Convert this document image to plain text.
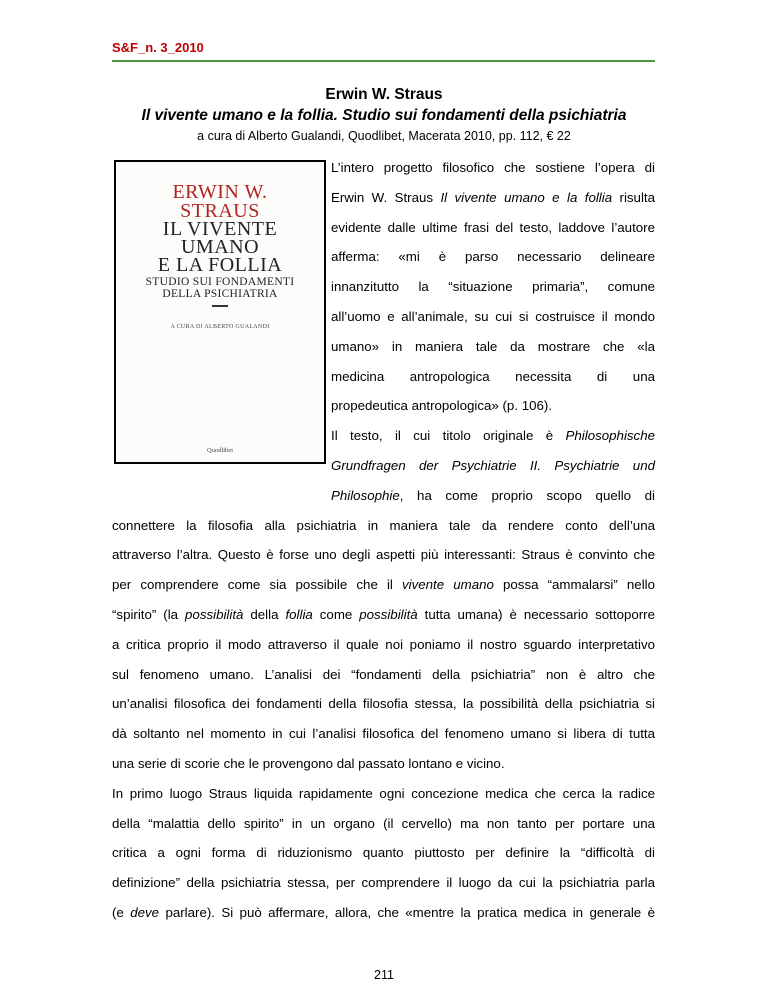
S&F_n. 3_2010
Erwin W. Straus
Il vivente umano e la follia. Studio sui fondamenti della psichiatria
a cura di Alberto Gualandi, Quodlibet, Macerata 2010, pp. 112, € 22
ERWIN W.
STRAUS
IL VIVENTE
UMANO
E LA FOLLIA
STUDIO SUI FONDAMENTI
DELLA PSICHIATRIA
A CURA DI ALBERTO GUALANDI
Quodlibet
L’intero progetto filosofico che sostiene l’opera di
Erwin W. Straus Il vivente umano e la follia risulta
evidente dalle ultime frasi del testo, laddove l’autore
afferma: «mi è parso necessario delineare
innanzitutto la “situazione primaria”, comune
all’uomo e all’animale, su cui si costruisce il mondo
umano» in maniera tale da mostrare che «la
medicina antropologica necessita di una
propedeutica antropologica» (p. 106).
Il testo, il cui titolo originale è Philosophische
Grundfragen der Psychiatrie II. Psychiatrie und
Philosophie, ha come proprio scopo quello di
connettere la filosofia alla psichiatria in maniera tale da rendere conto dell’una
attraverso l’altra. Questo è forse uno degli aspetti più interessanti: Straus è convinto che
per comprendere come sia possibile che il vivente umano possa “ammalarsi” nello
“spirito” (la possibilità della follia come possibilità tutta umana) è necessario sottoporre
a critica proprio il modo attraverso il quale noi poniamo il nostro sguardo interpretativo
sul fenomeno umano. L’analisi dei “fondamenti della psichiatria” non è altro che
un’analisi filosofica dei fondamenti della filosofia stessa, la possibilità della psichiatria si
dà soltanto nel momento in cui l’analisi filosofica del fenomeno umano si libera di tutta
una serie di scorie che le provengono dal passato lontano e vicino.
In primo luogo Straus liquida rapidamente ogni concezione medica che cerca la radice
della “malattia dello spirito” in un organo (il cervello) ma non tanto per portare una
critica a ogni forma di riduzionismo quanto piuttosto per definire la “difficoltà di
definizione” della psichiatria stessa, per comprendere il luogo da cui la psichiatria parla
(e deve parlare). Si può affermare, allora, che «mentre la pratica medica in generale è
211
